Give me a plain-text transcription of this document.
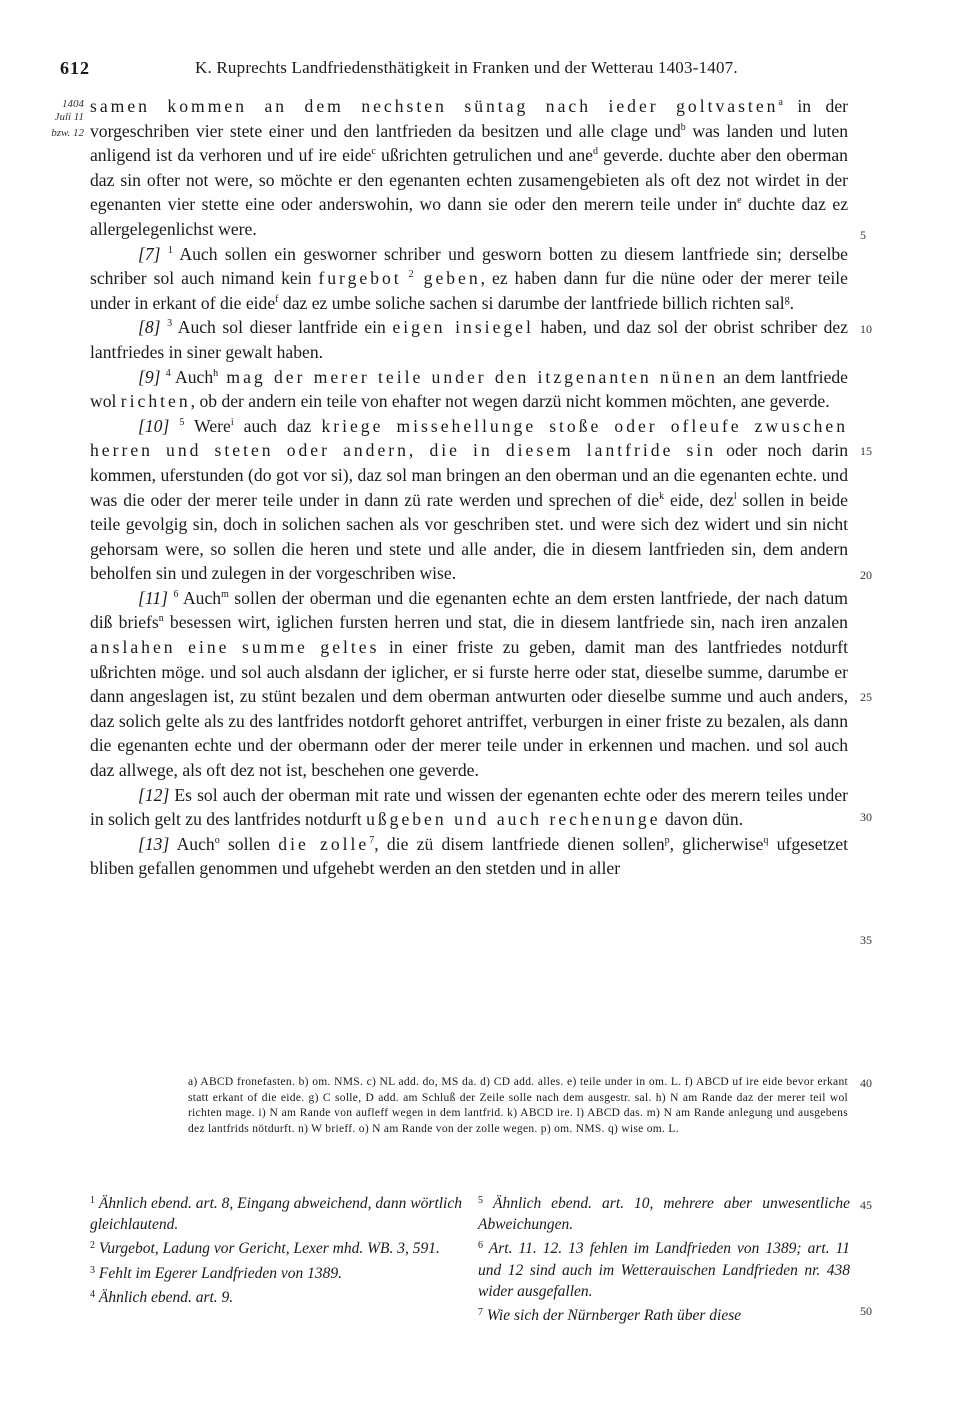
612	K. Ruprechts Landfriedensthätigkeit in Franken und der Wetterau 1403-1407.
1404
Juli 11
bzw. 12

samen kommen an dem nechsten süntag nach ieder goltvasten$^a$ in der vorgeschriben vier stete einer und den lantfrieden da besitzen und alle clage und$^b$ was landen und luten anligend ist da verhoren und uf ire eide$^c$ ußrichten getrulichen und ane$^d$ geverde. duchte aber den oberman daz sin ofter not were, so möchte er den egenanten echten zusamengebieten als oft dez not wirdet in der egenanten vier stette eine oder anderswohin, wo dann sie oder den merern teile under $in^e$ duchte daz ez allergelegenlichst were.

[7] $^1$ Auch sollen ein gesworner schriber und gesworn botten zu diesem lantfriede sin; derselbe schriber sol auch nimand kein furgebot $^2$ geben, ez haben dann fur die nüne oder der merer teile under in erkant of die eide$^f$ daz ez umbe soliche sachen si darumbe der lantfriede billich richten sal$^g$.

[8] $^3$ Auch sol dieser lantfride ein eigen insiegel haben, und daz sol der obrist schriber dez lantfriedes in siner gewalt haben.

[9] $^4$ Auch$^h$ mag der merer teile under den itzgenanten nünen an dem lantfriede wol richten, ob der andern ein teile von ehafter not wegen darzü nicht kommen möchten, ane geverde.

[10] $^5$ Were$^i$ auch daz kriege missehellunge stoße oder ofleufe zwuschen herren und steten oder andern, die in diesem lantfride sin oder noch darin kommen, uferstunden (do got vor si), daz sol man bringen an den oberman und an die egenanten echte. und was die oder der merer teile under in dann zü rate werden und sprechen of die$^k$ eide, dez$^l$ sollen in beide teile gevolgig sin, doch in solichen sachen als vor geschriben stet. und were sich dez widert und sin nicht gehorsam were, so sollen die heren und stete und alle ander, die in diesem lantfrieden sin, dem andern beholfen sin und zulegen in der vorgeschriben wise.

[11] $^6$ Auch$^m$ sollen der oberman und die egenanten echte an dem ersten lantfriede, der nach datum diß briefs$^n$ besessen wirt, iglichen fursten herren und stat, die in diesem lantfriede sin, nach iren anzalen anslahen eine summe geltes in einer friste zu geben, damit man des lantfriedes notdurft ußrichten möge. und sol auch alsdann der iglicher, er si furste herre oder stat, dieselbe summe, darumbe er dann angeslagen ist, zu stünt bezalen und dem oberman antwurten oder dieselbe summe und auch anders, daz solich gelte als zu des lantfrides notdorft gehoret antriffet, verburgen in einer friste zu bezalen, als dann die egenanten echte und der obermann oder der merer teile under in erkennen und machen. und sol auch daz allwege, als oft dez not ist, beschehen one geverde.

[12] Es sol auch der oberman mit rate und wissen der egenanten echte oder des merern teiles under in solich gelt zu des lantfrides notdurft ußgeben und auch rechenunge davon dün.

[13] Auch$^o$ sollen die zolle$^7$, die zü disem lantfriede dienen sollen$^p$, glicherwise$^q$ ufgesetzet bliben gefallen genommen und ufgehebt werden an den stetden und in aller

5
10
15
20
25
30
35
40
45
50

a) ABCD fronefasten. b) om. NMS. c) NL add. do, MS da. d) CD add. alles. e) teile under in om. L. f) ABCD uf ire eide bevor erkant statt erkant of die eide. g) C solle, D add. am Schluß der Zeile solle nach dem ausgestr. sal. h) N am Rande daz der merer teil wol richten mage. i) N am Rande von aufleff wegen in dem lantfrid. k) ABCD ire. l) ABCD das. m) N am Rande anlegung und ausgebens dez lantfrids nötdurft. n) W brieff. o) N am Rande von der zolle wegen. p) om. NMS. q) wise om. L.

$^1$ Ähnlich ebend. art. 8, Eingang abweichend, dann wörtlich gleichlautend.

$^2$ Vurgebot, Ladung vor Gericht, Lexer mhd. WB. 3, 591.

$^3$ Fehlt im Egerer Landfrieden von 1389.

$^4$ Ähnlich ebend. art. 9.

$^5$ Ähnlich ebend. art. 10, mehrere aber unwesentliche Abweichungen.

$^6$ Art. 11. 12. 13 fehlen im Landfrieden von 1389; art. 11 und 12 sind auch im Wetterauischen Landfrieden nr. 438 wider ausgefallen.

$^7$ Wie sich der Nürnberger Rath über diese
